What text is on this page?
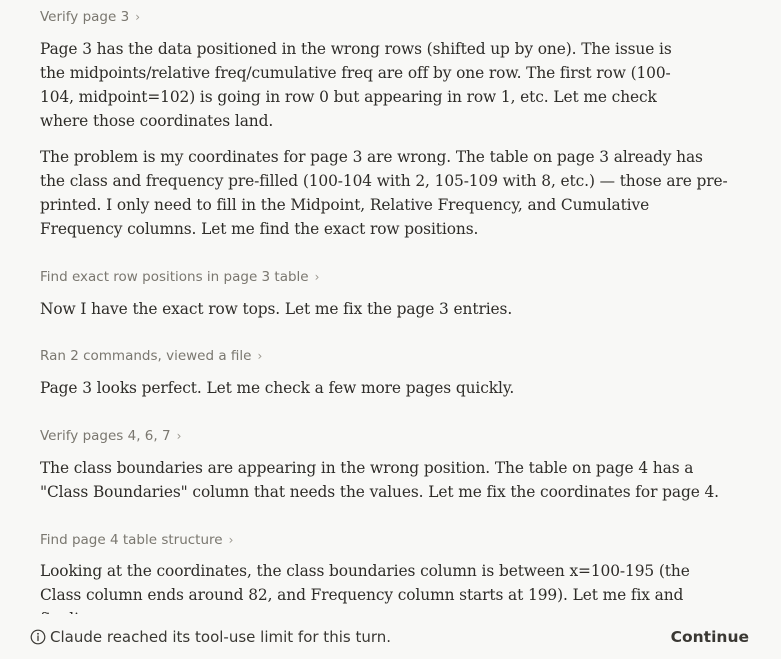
Verify page 3 ›

Page 3 has the data positioned in the wrong rows (shifted up by one). The issue is the midpoints/relative freq/cumulative freq are off by one row. The first row (100-104, midpoint=102) is going in row 0 but appearing in row 1, etc. Let me check where those coordinates land.

The problem is my coordinates for page 3 are wrong. The table on page 3 already has the class and frequency pre-filled (100-104 with 2, 105-109 with 8, etc.) — those are pre-printed. I only need to fill in the Midpoint, Relative Frequency, and Cumulative Frequency columns. Let me find the exact row positions.

Find exact row positions in page 3 table ›

Now I have the exact row tops. Let me fix the page 3 entries.

Ran 2 commands, viewed a file ›

Page 3 looks perfect. Let me check a few more pages quickly.

Verify pages 4, 6, 7 ›

The class boundaries are appearing in the wrong position. The table on page 4 has a "Class Boundaries" column that needs the values. Let me fix the coordinates for page 4.

Find page 4 table structure ›

Looking at the coordinates, the class boundaries column is between x=100-195 (the Class column ends around 82, and Frequency column starts at 199). Let me fix and

Claude reached its tool-use limit for this turn.	Continue
